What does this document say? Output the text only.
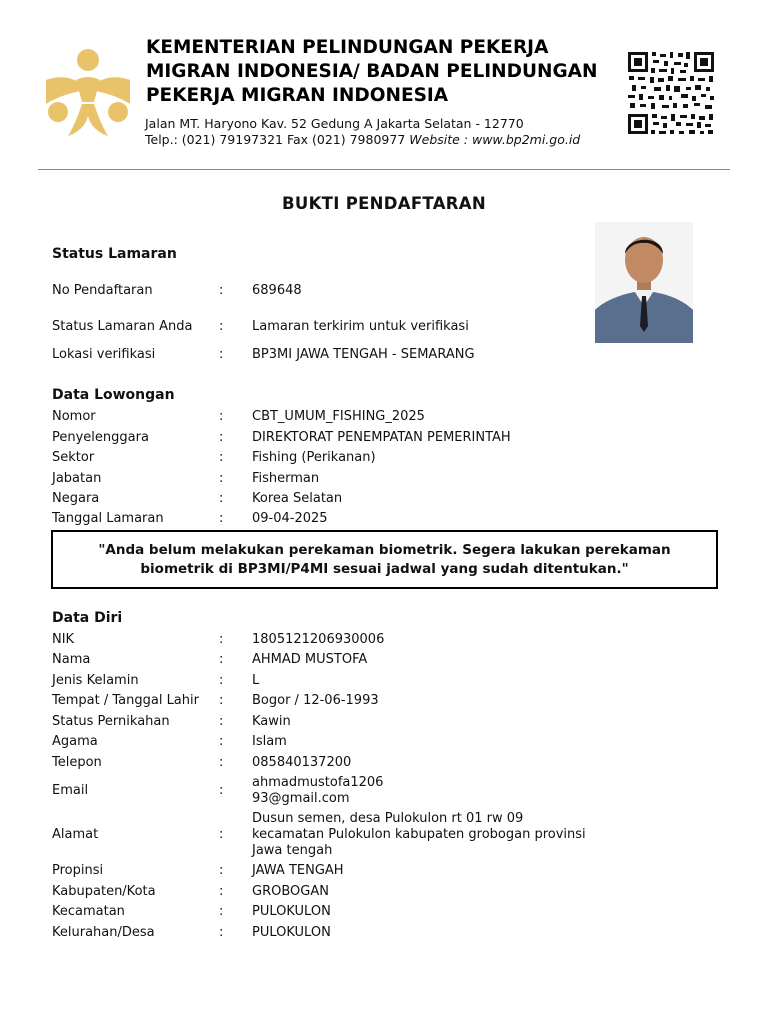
KEMENTERIAN PELINDUNGAN PEKERJA
MIGRAN INDONESIA/ BADAN PELINDUNGAN
PEKERJA MIGRAN INDONESIA
Jalan MT. Haryono Kav. 52 Gedung A Jakarta Selatan - 12770
Telp.: (021) 79197321 Fax (021) 7980977 Website : www.bp2mi.go.id
BUKTI PENDAFTARAN
Status Lamaran
No Pendaftaran	:	689648
Status Lamaran Anda	:	Lamaran terkirim untuk verifikasi
Lokasi verifikasi	:	BP3MI JAWA TENGAH - SEMARANG
Data Lowongan
Nomor	:	CBT_UMUM_FISHING_2025
Penyelenggara	:	DIREKTORAT PENEMPATAN PEMERINTAH
Sektor	:	Fishing (Perikanan)
Jabatan	:	Fisherman
Negara	:	Korea Selatan
Tanggal Lamaran	:	09-04-2025
"Anda belum melakukan perekaman biometrik. Segera lakukan perekaman biometrik di BP3MI/P4MI sesuai jadwal yang sudah ditentukan."
Data Diri
NIK	:	1805121206930006
Nama	:	AHMAD MUSTOFA
Jenis Kelamin	:	L
Tempat / Tanggal Lahir	:	Bogor / 12-06-1993
Status Pernikahan	:	Kawin
Agama	:	Islam
Telepon	:	085840137200
Email	:
ahmadmustofa1206
93@gmail.com
Alamat	:
Dusun semen, desa Pulokulon rt 01 rw 09
kecamatan Pulokulon kabupaten grobogan provinsi
Jawa tengah
Propinsi	:	JAWA TENGAH
Kabupaten/Kota	:	GROBOGAN
Kecamatan	:	PULOKULON
Kelurahan/Desa	:	PULOKULON
